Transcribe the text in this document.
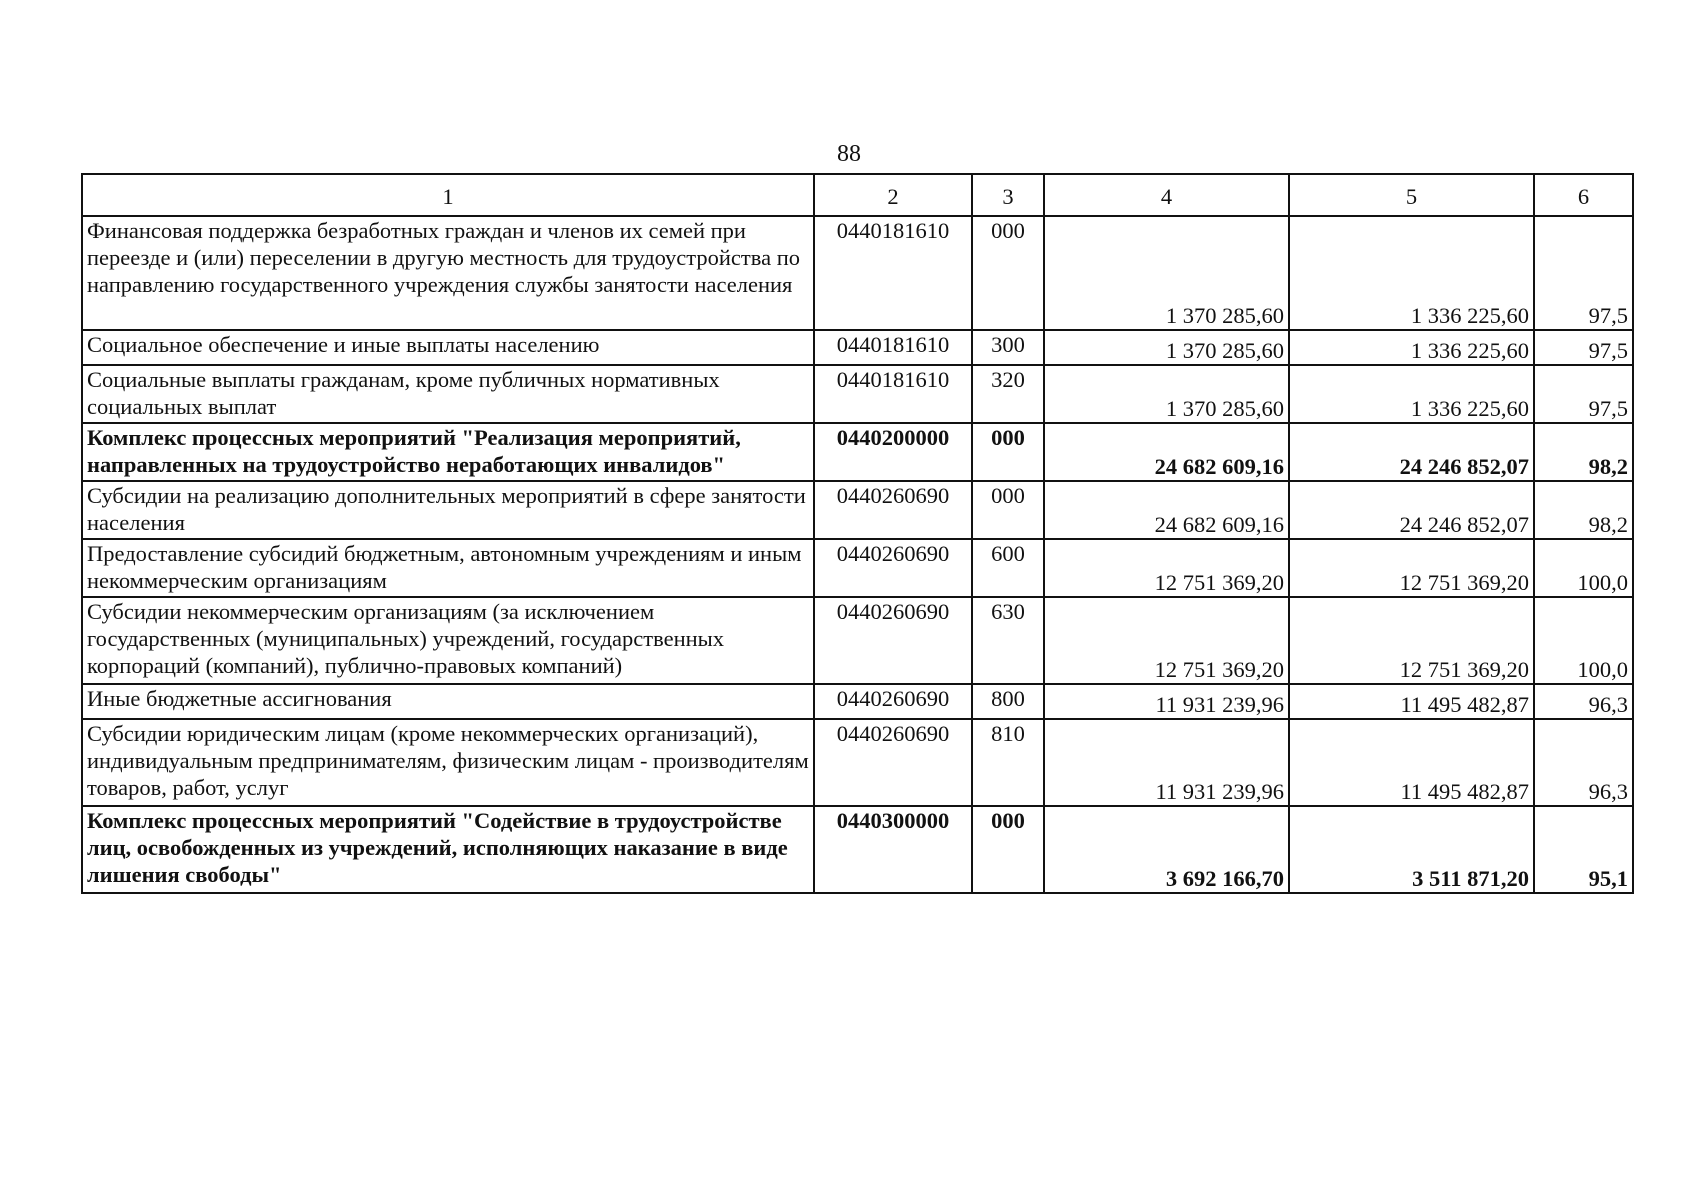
88
1	2	3	4	5	6
Финансовая поддержка безработных граждан и членов их семей при переезде и (или) переселении в другую местность для трудоустройства по направлению государственного учреждения службы занятости населения	0440181610	000	1 370 285,60	1 336 225,60	97,5
Социальное обеспечение и иные выплаты населению	0440181610	300	1 370 285,60	1 336 225,60	97,5
Социальные выплаты гражданам, кроме публичных нормативных социальных выплат	0440181610	320	1 370 285,60	1 336 225,60	97,5
Комплекс процессных мероприятий "Реализация мероприятий, направленных на трудоустройство неработающих инвалидов"	0440200000	000	24 682 609,16	24 246 852,07	98,2
Субсидии на реализацию дополнительных мероприятий в сфере занятости населения	0440260690	000	24 682 609,16	24 246 852,07	98,2
Предоставление субсидий бюджетным, автономным учреждениям и иным некоммерческим организациям	0440260690	600	12 751 369,20	12 751 369,20	100,0
Субсидии некоммерческим организациям (за исключением государственных (муниципальных) учреждений, государственных корпораций (компаний), публично-правовых компаний)	0440260690	630	12 751 369,20	12 751 369,20	100,0
Иные бюджетные ассигнования	0440260690	800	11 931 239,96	11 495 482,87	96,3
Субсидии юридическим лицам (кроме некоммерческих организаций), индивидуальным предпринимателям, физическим лицам - производителям товаров, работ, услуг	0440260690	810	11 931 239,96	11 495 482,87	96,3
Комплекс процессных мероприятий "Содействие в трудоустройстве лиц, освобожденных из учреждений, исполняющих наказание в виде лишения свободы"	0440300000	000	3 692 166,70	3 511 871,20	95,1
